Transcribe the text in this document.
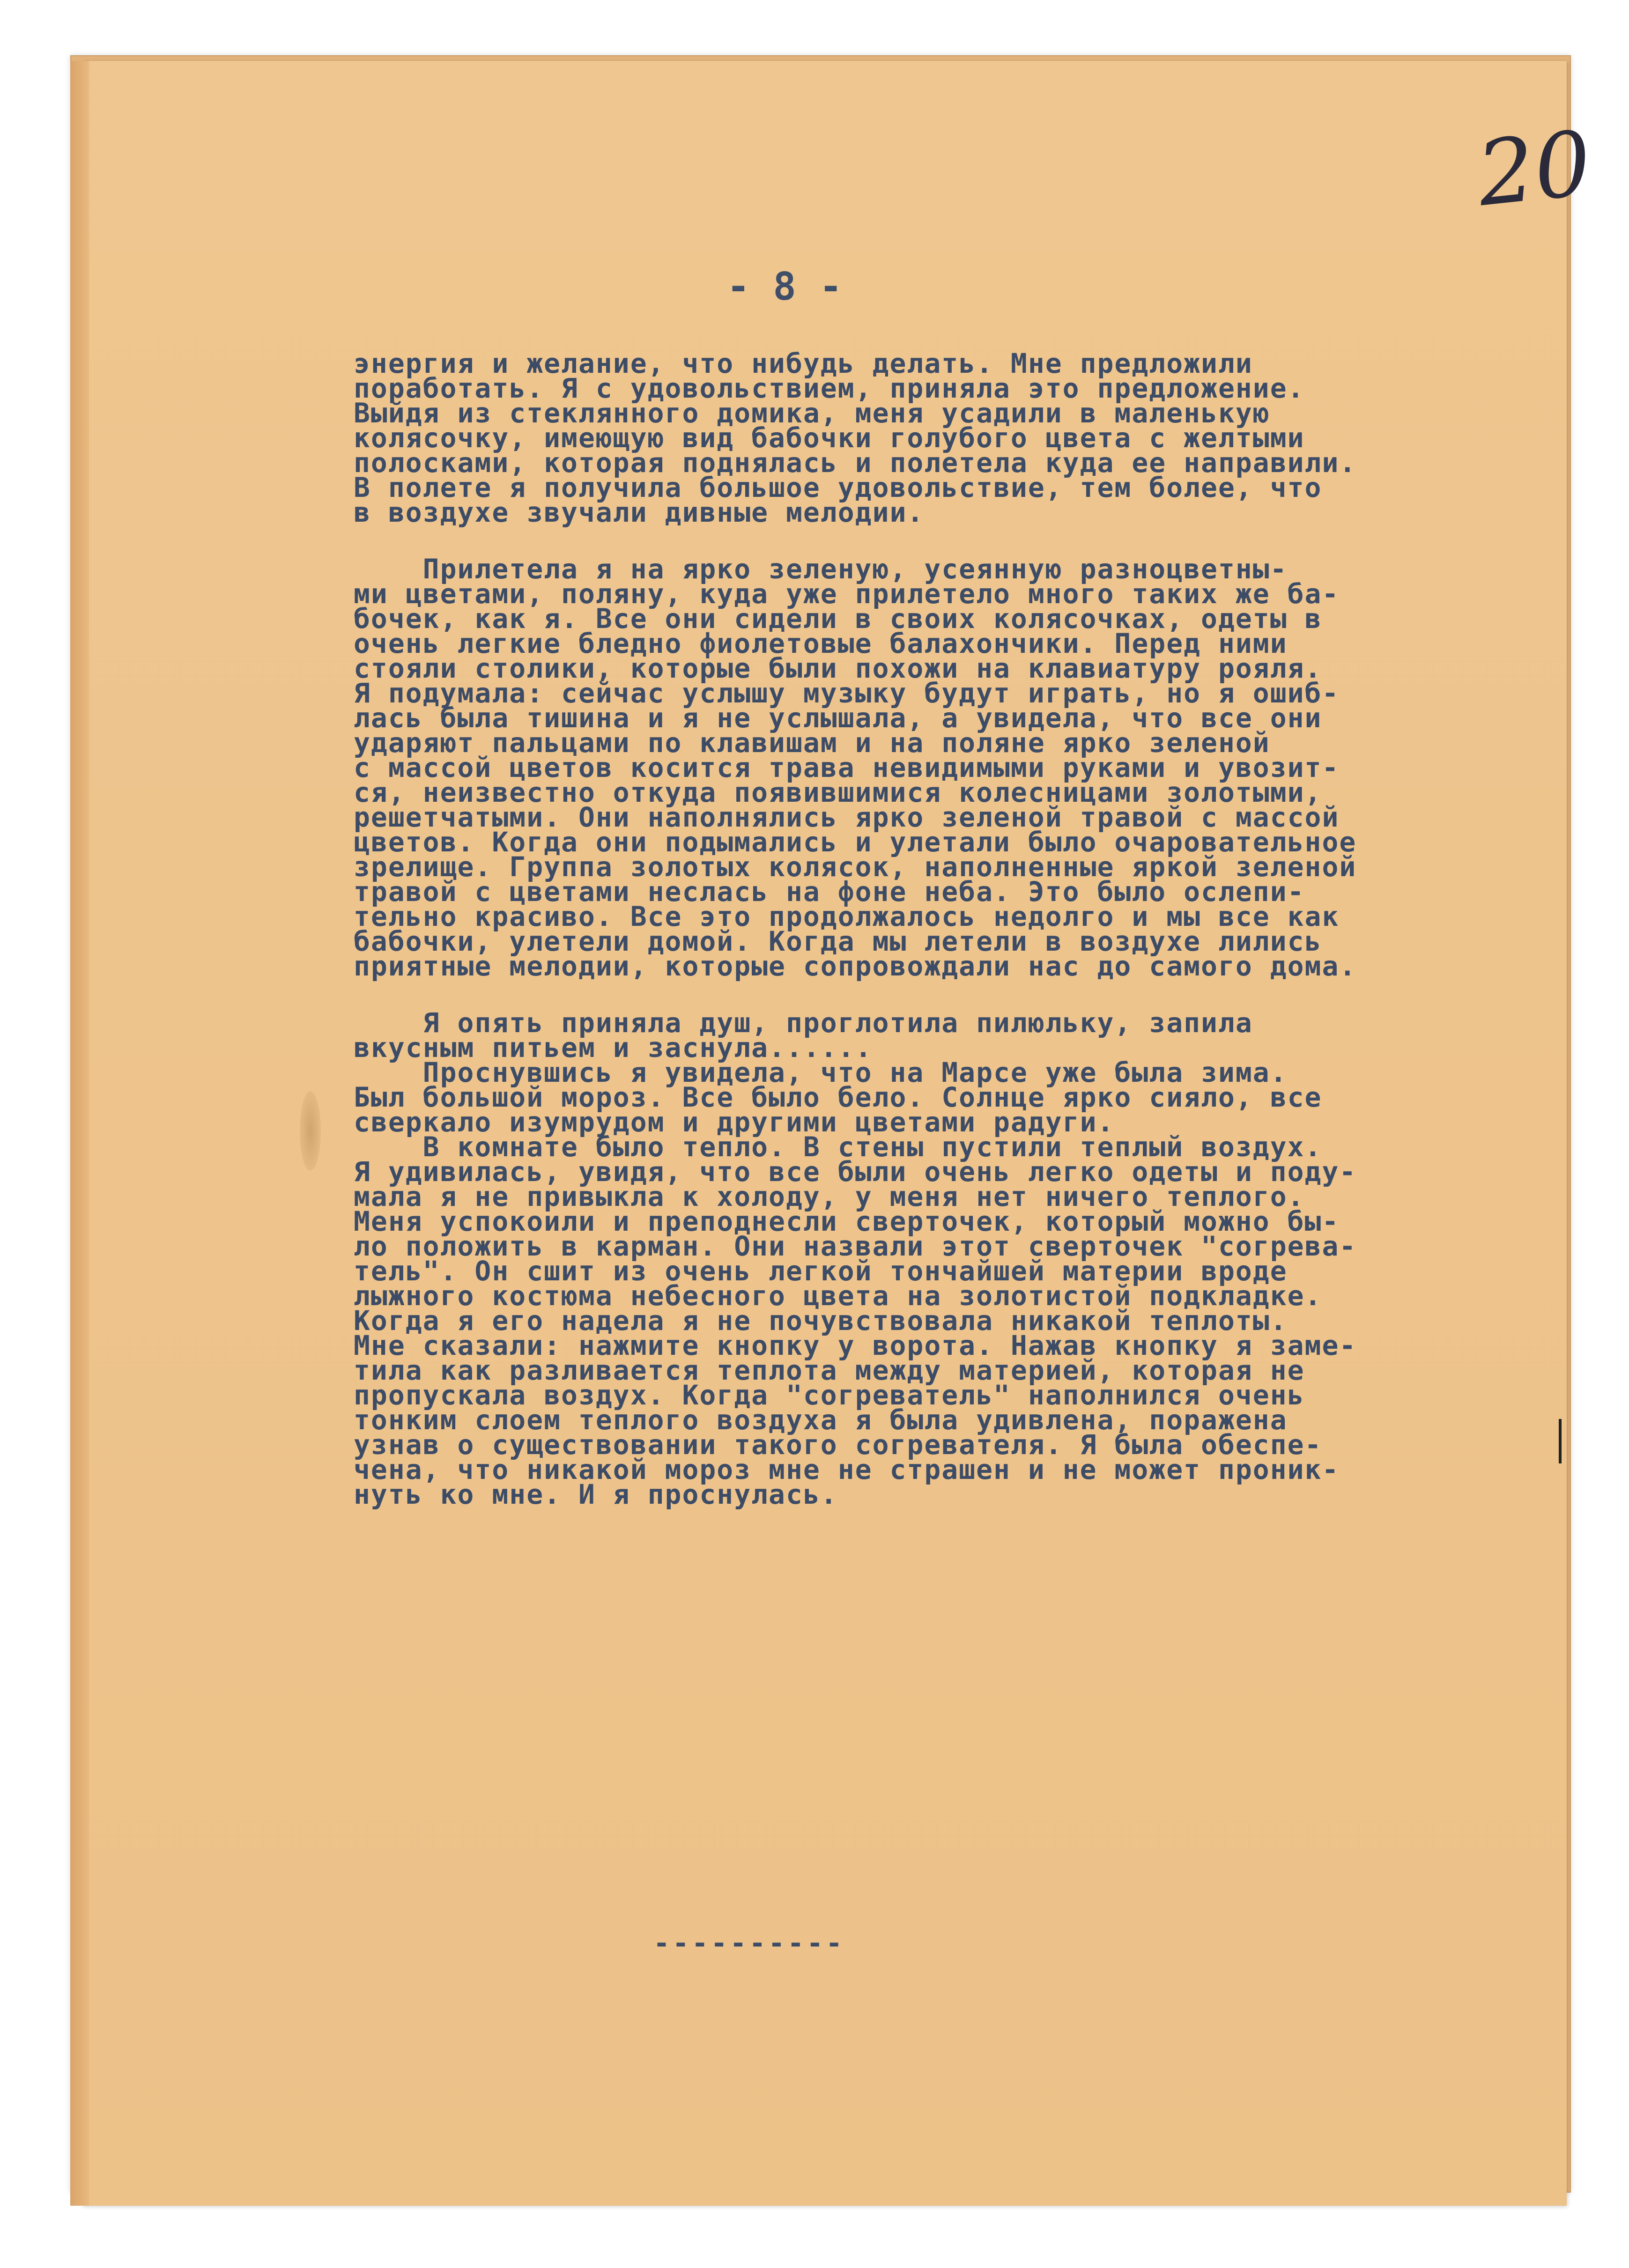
20
- 8 -
энергия и желание, что нибудь делать. Мне предложили
поработать. Я с удовольствием, приняла это предложение.
Выйдя из стеклянного домика, меня усадили в маленькую
колясочку, имеющую вид бабочки голубого цвета с желтыми
полосками, которая поднялась и полетела куда ее направили.
В полете я получила большое удовольствие, тем более, что
в воздухе звучали дивные мелодии.
Прилетела я на ярко зеленую, усеянную разноцветны-
ми цветами, поляну, куда уже прилетело много таких же ба-
бочек, как я. Все они сидели в своих колясочках, одеты в
очень легкие бледно фиолетовые балахончики. Перед ними
стояли столики, которые были похожи на клавиатуру рояля.
Я подумала: сейчас услышу музыку будут играть, но я ошиб-
лась была тишина и я не услышала, а увидела, что все они
ударяют пальцами по клавишам и на поляне ярко зеленой
с массой цветов косится трава невидимыми руками и увозит-
ся, неизвестно откуда появившимися колесницами золотыми,
решетчатыми. Они наполнялись ярко зеленой травой с массой
цветов. Когда они подымались и улетали было очаровательное
зрелище. Группа золотых колясок, наполненные яркой зеленой
травой с цветами неслась на фоне неба. Это было ослепи-
тельно красиво. Все это продолжалось недолго и мы все как
бабочки, улетели домой. Когда мы летели в воздухе лились
приятные мелодии, которые сопровождали нас до самого дома.
Я опять приняла душ, проглотила пилюльку, запила
вкусным питьем и заснула......
Проснувшись я увидела, что на Марсе уже была зима.
Был большой мороз. Все было бело. Солнце ярко сияло, все
сверкало изумрудом и другими цветами радуги.
В комнате было тепло. В стены пустили теплый воздух.
Я удивилась, увидя, что все были очень легко одеты и поду-
мала я не привыкла к холоду, у меня нет ничего теплого.
Меня успокоили и преподнесли сверточек, который можно бы-
ло положить в карман. Они назвали этот сверточек "согрева-
тель". Он сшит из очень легкой тончайшей материи вроде
лыжного костюма небесного цвета на золотистой подкладке.
Когда я его надела я не почувствовала никакой теплоты.
Мне сказали: нажмите кнопку у ворота. Нажав кнопку я заме-
тила как разливается теплота между материей, которая не
пропускала воздух. Когда "согреватель" наполнился очень
тонким слоем теплого воздуха я была удивлена, поражена
узнав о существовании такого согревателя. Я была обеспе-
чена, что никакой мороз мне не страшен и не может проник-
нуть ко мне. И я проснулась.
----------
